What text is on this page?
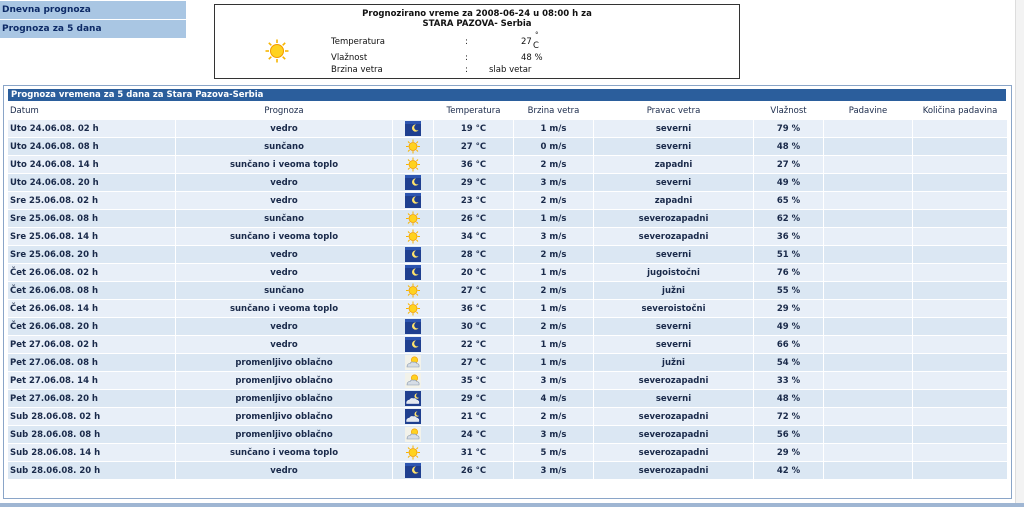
Dnevna prognoza
Prognoza za 5 dana
Prognozirano vreme za 2008-06-24 u 08:00 h za
STARA PAZOVA- Serbia
Temperatura	:	27
°
C
Vlažnost	:	48 %
Brzina vetra	: slab vetar
Prognoza vremena za 5 dana za Stara Pazova-Serbia
Datum	Prognoza		Temperatura	Brzina vetra	Pravac vetra	Vlažnost	Padavine	Količina padavina
Uto 24.06.08. 02 h	vedro		19 °C	1 m/s	severni	79 %		
Uto 24.06.08. 08 h	sunčano		27 °C	0 m/s	severni	48 %		
Uto 24.06.08. 14 h	sunčano i veoma toplo		36 °C	2 m/s	zapadni	27 %		
Uto 24.06.08. 20 h	vedro		29 °C	3 m/s	severni	49 %		
Sre 25.06.08. 02 h	vedro		23 °C	2 m/s	zapadni	65 %		
Sre 25.06.08. 08 h	sunčano		26 °C	1 m/s	severozapadni	62 %		
Sre 25.06.08. 14 h	sunčano i veoma toplo		34 °C	3 m/s	severozapadni	36 %		
Sre 25.06.08. 20 h	vedro		28 °C	2 m/s	severni	51 %		
Čet 26.06.08. 02 h	vedro		20 °C	1 m/s	jugoistočni	76 %		
Čet 26.06.08. 08 h	sunčano		27 °C	2 m/s	južni	55 %		
Čet 26.06.08. 14 h	sunčano i veoma toplo		36 °C	1 m/s	severoistočni	29 %		
Čet 26.06.08. 20 h	vedro		30 °C	2 m/s	severni	49 %		
Pet 27.06.08. 02 h	vedro		22 °C	1 m/s	severni	66 %		
Pet 27.06.08. 08 h	promenljivo oblačno		27 °C	1 m/s	južni	54 %		
Pet 27.06.08. 14 h	promenljivo oblačno		35 °C	3 m/s	severozapadni	33 %		
Pet 27.06.08. 20 h	promenljivo oblačno		29 °C	4 m/s	severni	48 %		
Sub 28.06.08. 02 h	promenljivo oblačno		21 °C	2 m/s	severozapadni	72 %		
Sub 28.06.08. 08 h	promenljivo oblačno		24 °C	3 m/s	severozapadni	56 %		
Sub 28.06.08. 14 h	sunčano i veoma toplo		31 °C	5 m/s	severozapadni	29 %		
Sub 28.06.08. 20 h	vedro		26 °C	3 m/s	severozapadni	42 %		
